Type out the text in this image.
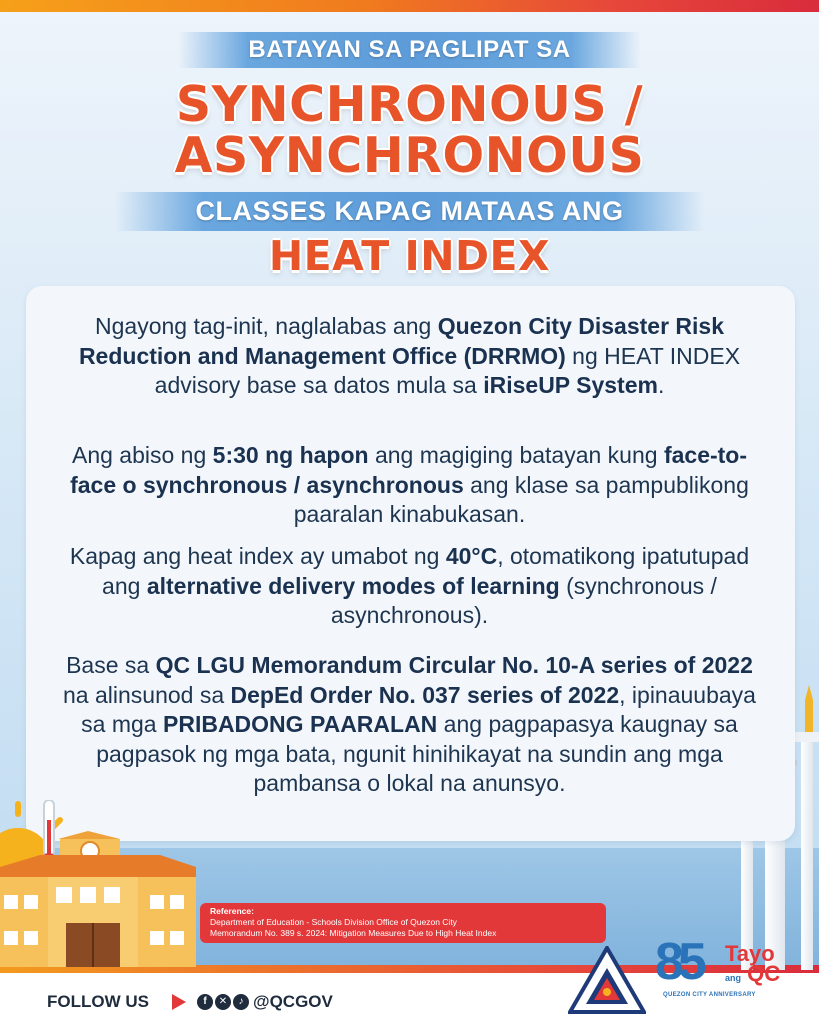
BATAYAN SA PAGLIPAT SA
SYNCHRONOUS /
ASYNCHRONOUS
CLASSES KAPAG MATAAS ANG
HEAT INDEX

Ngayong tag-init, naglalabas ang Quezon City Disaster Risk Reduction and Management Office (DRRMO) ng HEAT INDEX advisory base sa datos mula sa iRiseUP System.

Ang abiso ng 5:30 ng hapon ang magiging batayan kung face-to-face o synchronous / asynchronous ang klase sa pampublikong paaralan kinabukasan.

Kapag ang heat index ay umabot ng 40°C, otomatikong ipatutupad ang alternative delivery modes of learning (synchronous / asynchronous).

Base sa QC LGU Memorandum Circular No. 10-A series of 2022 na alinsunod sa DepEd Order No. 037 series of 2022, ipinauubaya sa mga PRIBADONG PAARALAN ang pagpapasya kaugnay sa pagpasok ng mga bata, ngunit hinihikayat na sundin ang mga pambansa o lokal na anunsyo.

Reference:
Department of Education - Schools Division Office of Quezon City
Memorandum No. 389 s. 2024: Mitigation Measures Due to High Heat Index
FOLLOW US	f	✕	♪ @QCGOV
85 Tayo
ang QC
QUEZON CITY ANNIVERSARY
